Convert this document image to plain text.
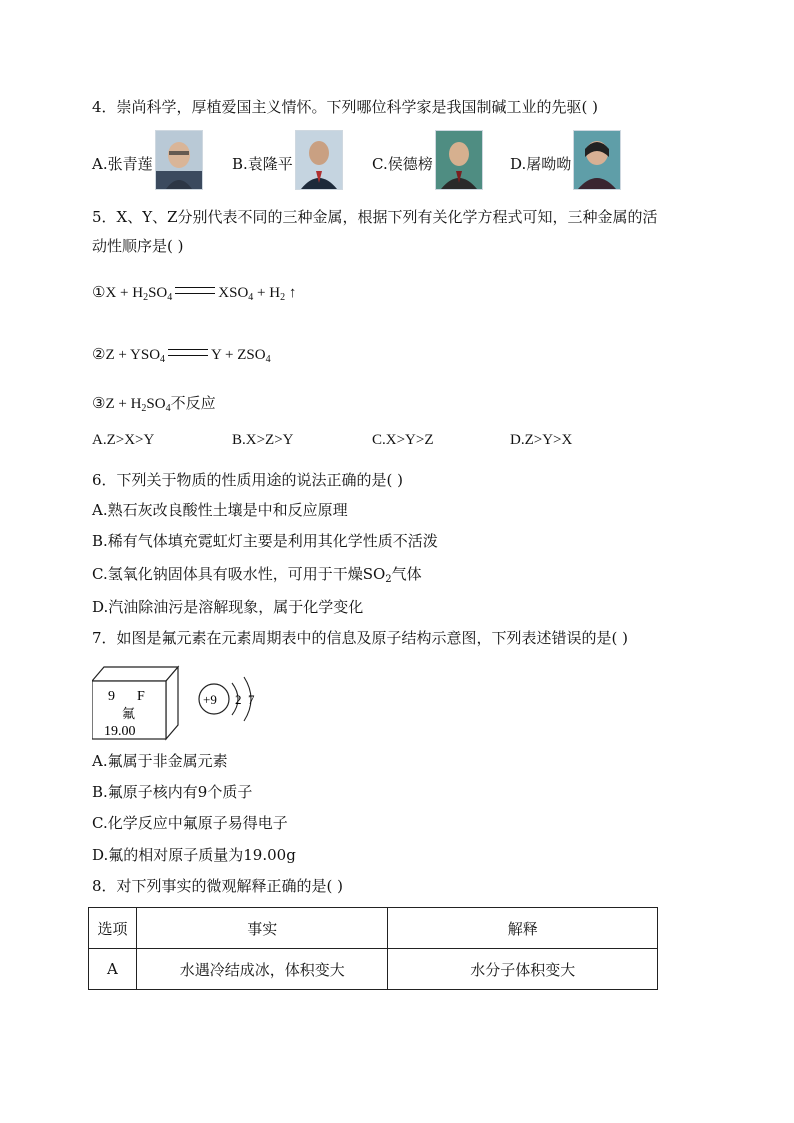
4．崇尚科学，厚植爱国主义情怀。下列哪位科学家是我国制碱工业的先驱( )
A.张青莲	B.袁隆平	C.侯德榜	D.屠呦呦
5．X、Y、Z分别代表不同的三种金属，根据下列有关化学方程式可知，三种金属的活
动性顺序是( )
①X + $H_2SO_4$	$XSO_4 + H_2$ ↑
②Z + $YSO_4$	$Y + ZSO_4$
③Z + $H_2SO_4$不反应
A.Z>X>Y	B.X>Z>Y	C.X>Y>Z	D.Z>Y>X
6．下列关于物质的性质用途的说法正确的是( )
A.熟石灰改良酸性土壤是中和反应原理
B.稀有气体填充霓虹灯主要是利用其化学性质不活泼
C.氢氧化钠固体具有吸水性，可用于干燥$SO_2$气体
D.汽油除油污是溶解现象，属于化学变化
7．如图是氟元素在元素周期表中的信息及原子结构示意图，下列表述错误的是( )
9 F
氟
19.00
+9 2 7
A.氟属于非金属元素
B.氟原子核内有9个质子
C.化学反应中氟原子易得电子
D.氟的相对原子质量为19.00g
8．对下列事实的微观解释正确的是( )
选项	事实	解释
A	水遇冷结成冰，体积变大	水分子体积变大
